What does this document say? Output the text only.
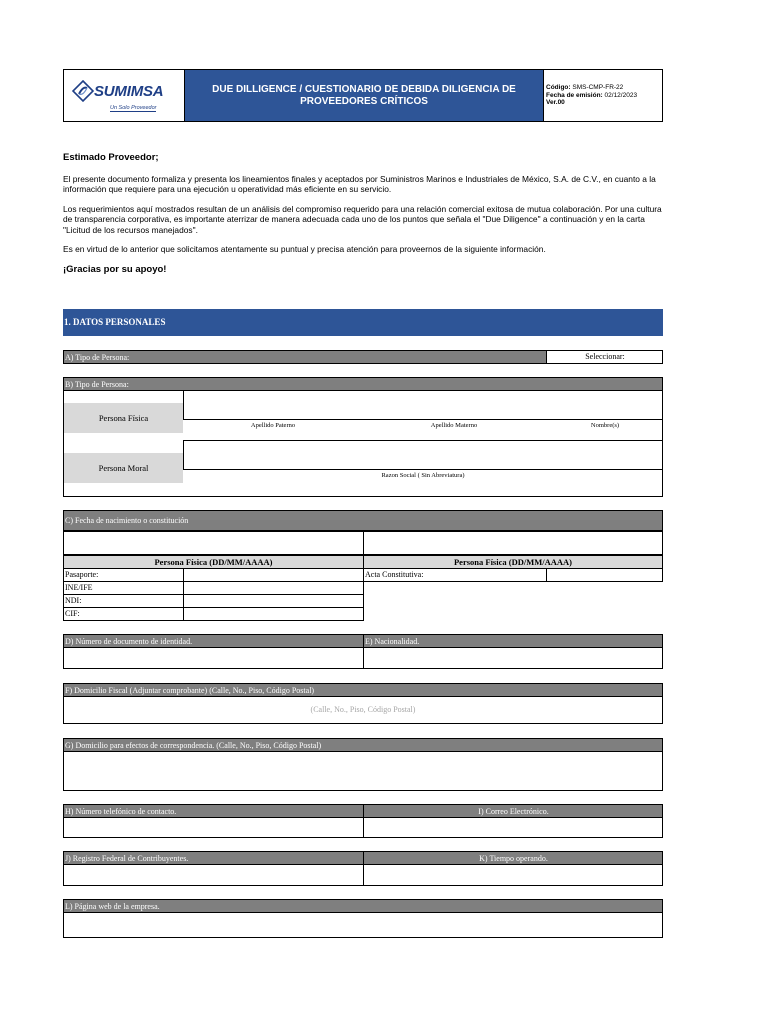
SUMIMSA
Un Solo Proveedor
DUE DILLIGENCE / CUESTIONARIO DE DEBIDA DILIGENCIA DE PROVEEDORES CRÍTICOS
Código: SMS-CMP-FR-22
Fecha de emisión: 02/12/2023
Ver.00
Estimado Proveedor;
El presente documento formaliza y presenta los lineamientos finales y aceptados por Suministros Marinos e Industriales de México, S.A. de C.V., en cuanto a la información que requiere para una ejecución u operatividad más eficiente en su servicio.
Los requerimientos aquí mostrados resultan de un análisis del compromiso requerido para una relación comercial exitosa de mutua colaboración. Por una cultura de transparencia corporativa, es importante aterrizar de manera adecuada cada uno de los puntos que señala el "Due Diligence" a continuación y en la carta "Licitud de los recursos manejados".
Es en virtud de lo anterior que solicitamos atentamente su puntual y precisa atención para proveernos de la siguiente información.
¡Gracias por su apoyo!
1. DATOS PERSONALES
A) Tipo de Persona:	Seleccionar:
B) Tipo de Persona:
Persona Física
Apellido Paterno	Apellido Materno	Nombre(s)
Persona Moral
Razon Social ( Sin Abreviatura)
C) Fecha de nacimiento o constitución
Persona Física (DD/MM/AAAA)	Persona Física (DD/MM/AAAA)
Pasaporte:
INE/IFE
NDI:
CIF:
Acta Constitutiva:
D) Número de documento de identidad.	E) Nacionalidad.
F) Domicilio Fiscal (Adjuntar comprobante) (Calle, No., Piso, Código Postal)
(Calle, No., Piso, Código Postal)
G) Domicilio para efectos de correspondencia. (Calle, No., Piso, Código Postal)
H) Número telefónico de contacto.	I) Correo Electrónico.
J) Registro Federal de Contribuyentes.	K) Tiempo operando.
L) Página web de la empresa.
